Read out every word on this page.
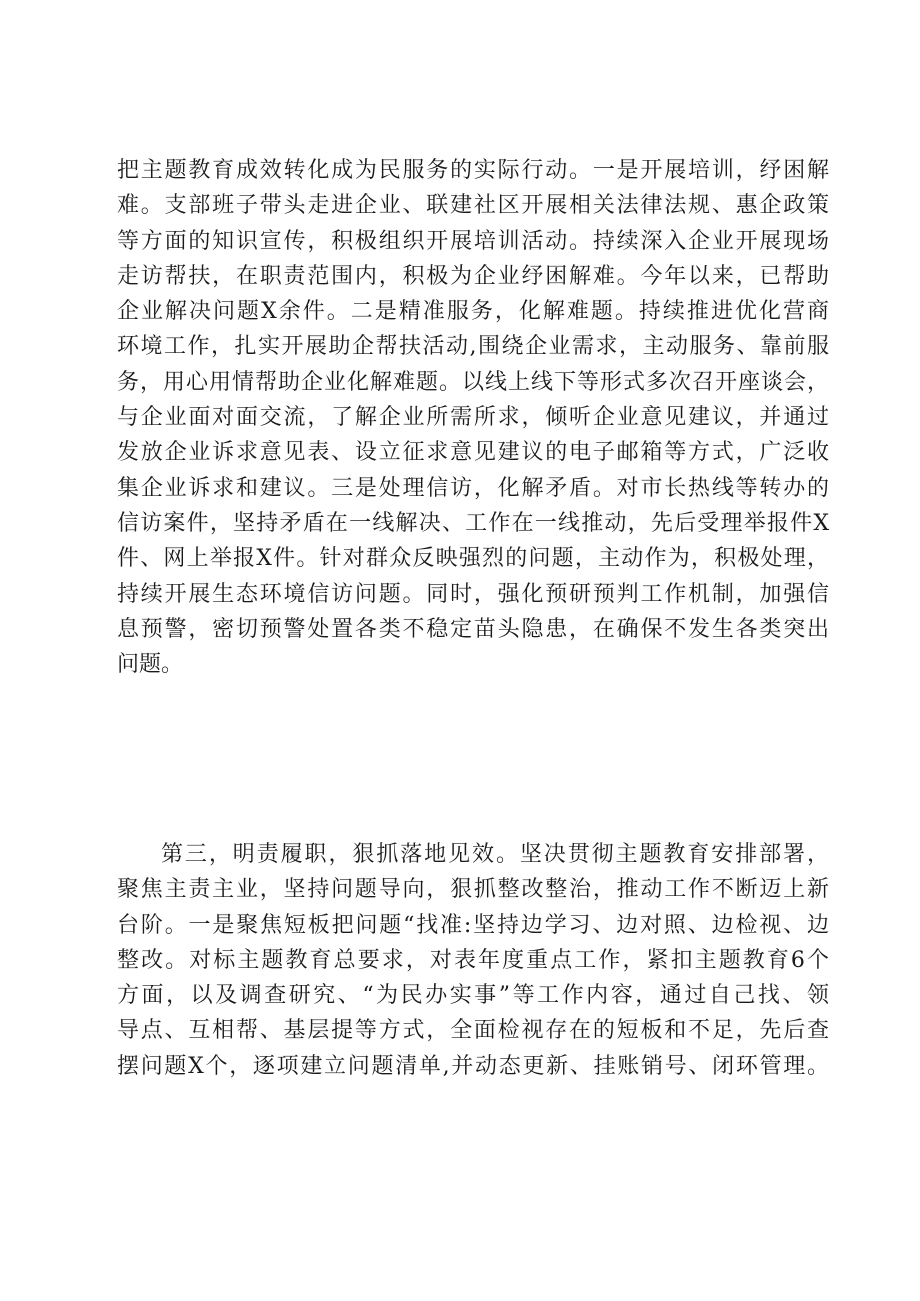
把主题教育成效转化成为民服务的实际行动。一是开展培训，纾困解
难。支部班子带头走进企业、联建社区开展相关法律法规、惠企政策
等方面的知识宣传，积极组织开展培训活动。持续深入企业开展现场
走访帮扶，在职责范围内，积极为企业纾困解难。今年以来，已帮助
企业解决问题X余件。二是精准服务，化解难题。持续推进优化营商
环境工作，扎实开展助企帮扶活动,围绕企业需求，主动服务、靠前服
务，用心用情帮助企业化解难题。以线上线下等形式多次召开座谈会，
与企业面对面交流，了解企业所需所求，倾听企业意见建议，并通过
发放企业诉求意见表、设立征求意见建议的电子邮箱等方式，广泛收
集企业诉求和建议。三是处理信访，化解矛盾。对市长热线等转办的
信访案件，坚持矛盾在一线解决、工作在一线推动，先后受理举报件X
件、网上举报X件。针对群众反映强烈的问题，主动作为，积极处理，
持续开展生态环境信访问题。同时，强化预研预判工作机制，加强信
息预警，密切预警处置各类不稳定苗头隐患，在确保不发生各类突出
问题。
第三，明责履职，狠抓落地见效。坚决贯彻主题教育安排部署，
聚焦主责主业，坚持问题导向，狠抓整改整治，推动工作不断迈上新
台阶。一是聚焦短板把问题“找准:坚持边学习、边对照、边检视、边
整改。对标主题教育总要求，对表年度重点工作，紧扣主题教育6个
方面，以及调查研究、“为民办实事”等工作内容，通过自己找、领
导点、互相帮、基层提等方式，全面检视存在的短板和不足，先后查
摆问题X个，逐项建立问题清单,并动态更新、挂账销号、闭环管理。
